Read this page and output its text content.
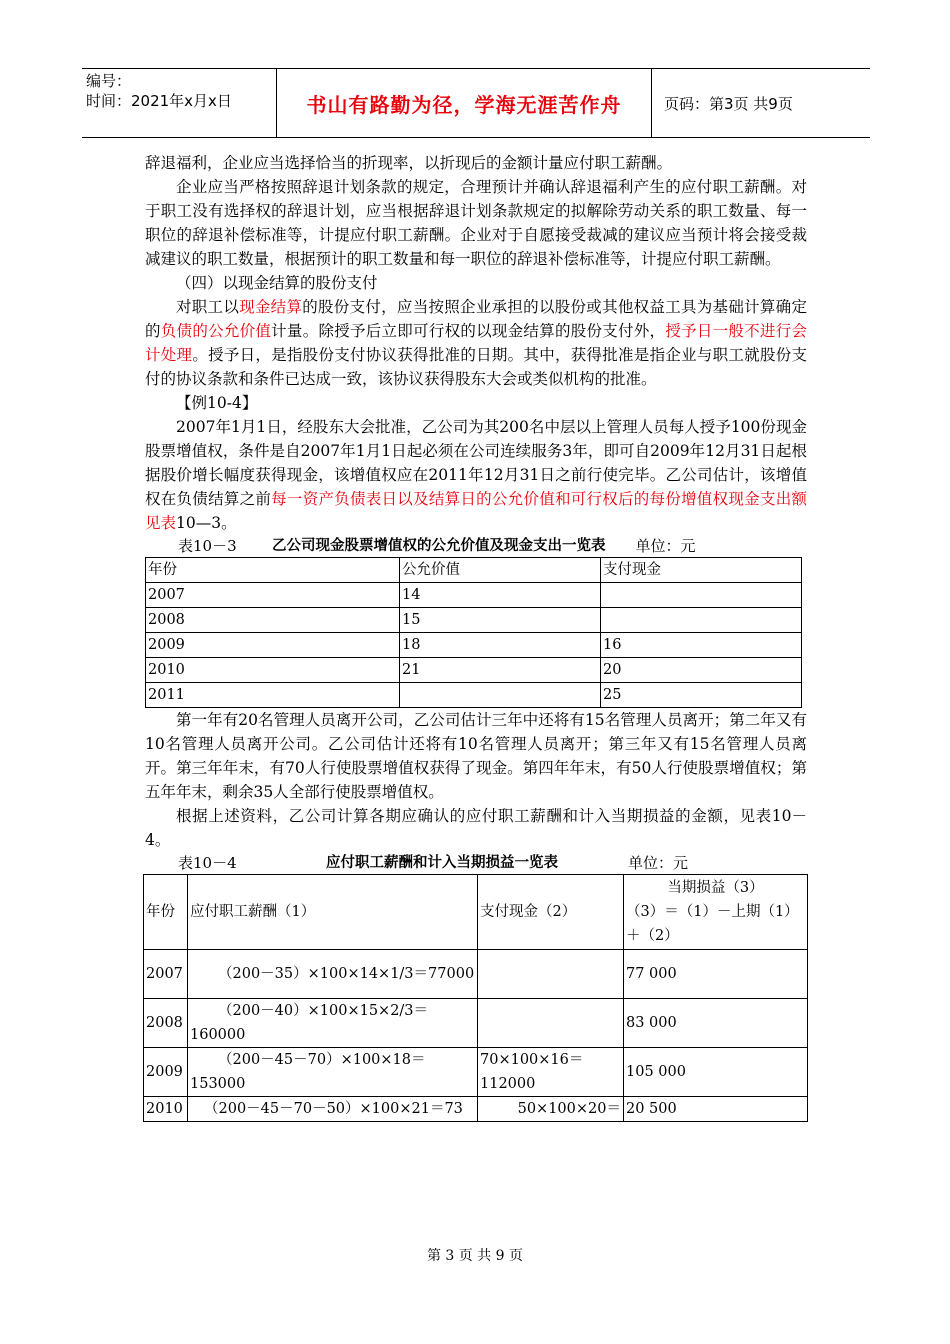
编号：
时间：2021年x月x日	书山有路勤为径，学海无涯苦作舟	页码：第3页 共9页

辞退福利，企业应当选择恰当的折现率，以折现后的金额计量应付职工薪酬。

企业应当严格按照辞退计划条款的规定，合理预计并确认辞退福利产生的应付职工薪酬。对于职工没有选择权的辞退计划，应当根据辞退计划条款规定的拟解除劳动关系的职工数量、每一职位的辞退补偿标准等，计提应付职工薪酬。企业对于自愿接受裁减的建议应当预计将会接受裁减建议的职工数量，根据预计的职工数量和每一职位的辞退补偿标准等，计提应付职工薪酬。

（四）以现金结算的股份支付

对职工以现金结算的股份支付，应当按照企业承担的以股份或其他权益工具为基础计算确定的负债的公允价值计量。除授予后立即可行权的以现金结算的股份支付外，授予日一般不进行会计处理。授予日，是指股份支付协议获得批准的日期。其中，获得批准是指企业与职工就股份支付的协议条款和条件已达成一致，该协议获得股东大会或类似机构的批准。

【例10-4】

2007年1月1日，经股东大会批准，乙公司为其200名中层以上管理人员每人授予100份现金股票增值权，条件是自2007年1月1日起必须在公司连续服务3年，即可自2009年12月31日起根据股价增长幅度获得现金，该增值权应在2011年12月31日之前行使完毕。乙公司估计，该增值权在负债结算之前每一资产负债表日以及结算日的公允价值和可行权后的每份增值权现金支出额见表10—3。

表10－3	乙公司现金股票增值权的公允价值及现金支出一览表 单位：元
年份	公允价值	支付现金
2007	14	
2008	15	
2009	18	16
2010	21	20
2011		25

第一年有20名管理人员离开公司，乙公司估计三年中还将有15名管理人员离开；第二年又有10名管理人员离开公司。乙公司估计还将有10名管理人员离开；第三年又有15名管理人员离开。第三年年末，有70人行使股票增值权获得了现金。第四年年末，有50人行使股票增值权；第五年年末，剩余35人全部行使股票增值权。

根据上述资料，乙公司计算各期应确认的应付职工薪酬和计入当期损益的金额，见表10－4。

表10－4	应付职工薪酬和计入当期损益一览表	单位：元
年份	应付职工薪酬（1）	支付现金（2）	当期损益（3）
（3）＝（1）－上期（1）＋（2）

2007	（200－35）×100×14×1/3＝77000		77 000
2008	（200－40）×100×15×2/3＝160000		83 000
2009	（200－45－70）×100×18＝153000	70×100×16＝112000	105 000
2010	（200－45－70－50）×100×21＝73	50×100×20＝	20 500
第 3 页 共 9 页
